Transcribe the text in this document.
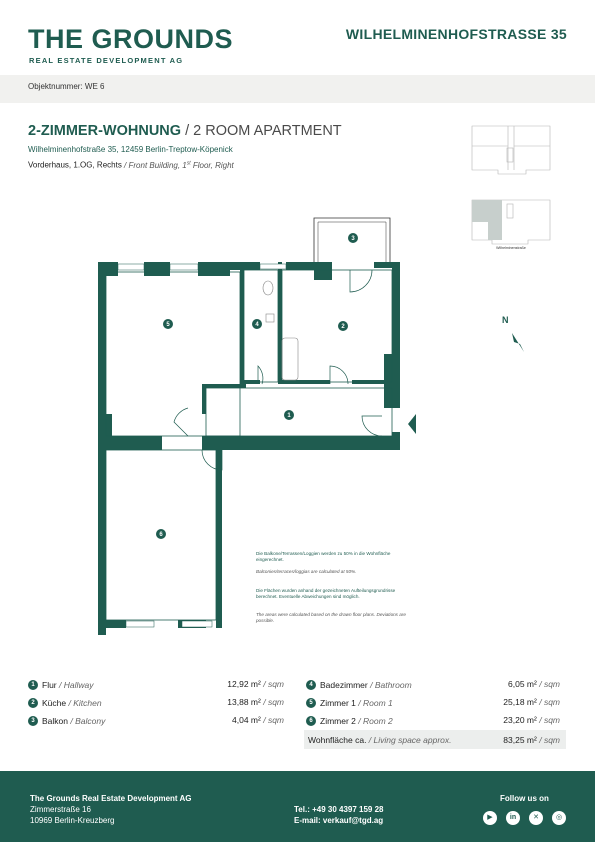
THE GROUNDS
REAL ESTATE DEVELOPMENT AG
WILHELMINENHOFSTRASSE 35
Objektnummer: WE 6
2-ZIMMER-WOHNUNG / 2 ROOM APARTMENT
Wilhelminenhofstraße 35, 12459 Berlin-Treptow-Köpenick
Vorderhaus, 1.OG, Rechts / Front Building, 1st Floor, Right
Wilhelminenstraße
1
2
3
4
5
6
N
Die Balkone/Terrassen/Loggien werden zu 50% in die Wohnfläche eingerechnet.
Balconies/terraces/loggias are calculated at 50%.
Die Flächen wurden anhand der gezeichneten Aufteilungsgrundrisse berechnet. Eventuelle Abweichungen sind möglich.
The areas were calculated based on the drawn floor plans. Deviations are possible.
1 Flur / Hallway	12,92 m² / sqm
2 Küche / Kitchen	13,88 m² / sqm
3 Balkon / Balcony	4,04 m² / sqm
4 Badezimmer / Bathroom	6,05 m² / sqm
5 Zimmer 1 / Room 1	25,18 m² / sqm
6 Zimmer 2 / Room 2	23,20 m² / sqm
Wohnfläche ca. / Living space approx.	83,25 m² / sqm
The Grounds Real Estate Development AG
Zimmerstraße 16
10969 Berlin-Kreuzberg
Tel.: +49 30 4397 159 28
E-mail: verkauf@tgd.ag
Follow us on
▶	in	✕	◎
